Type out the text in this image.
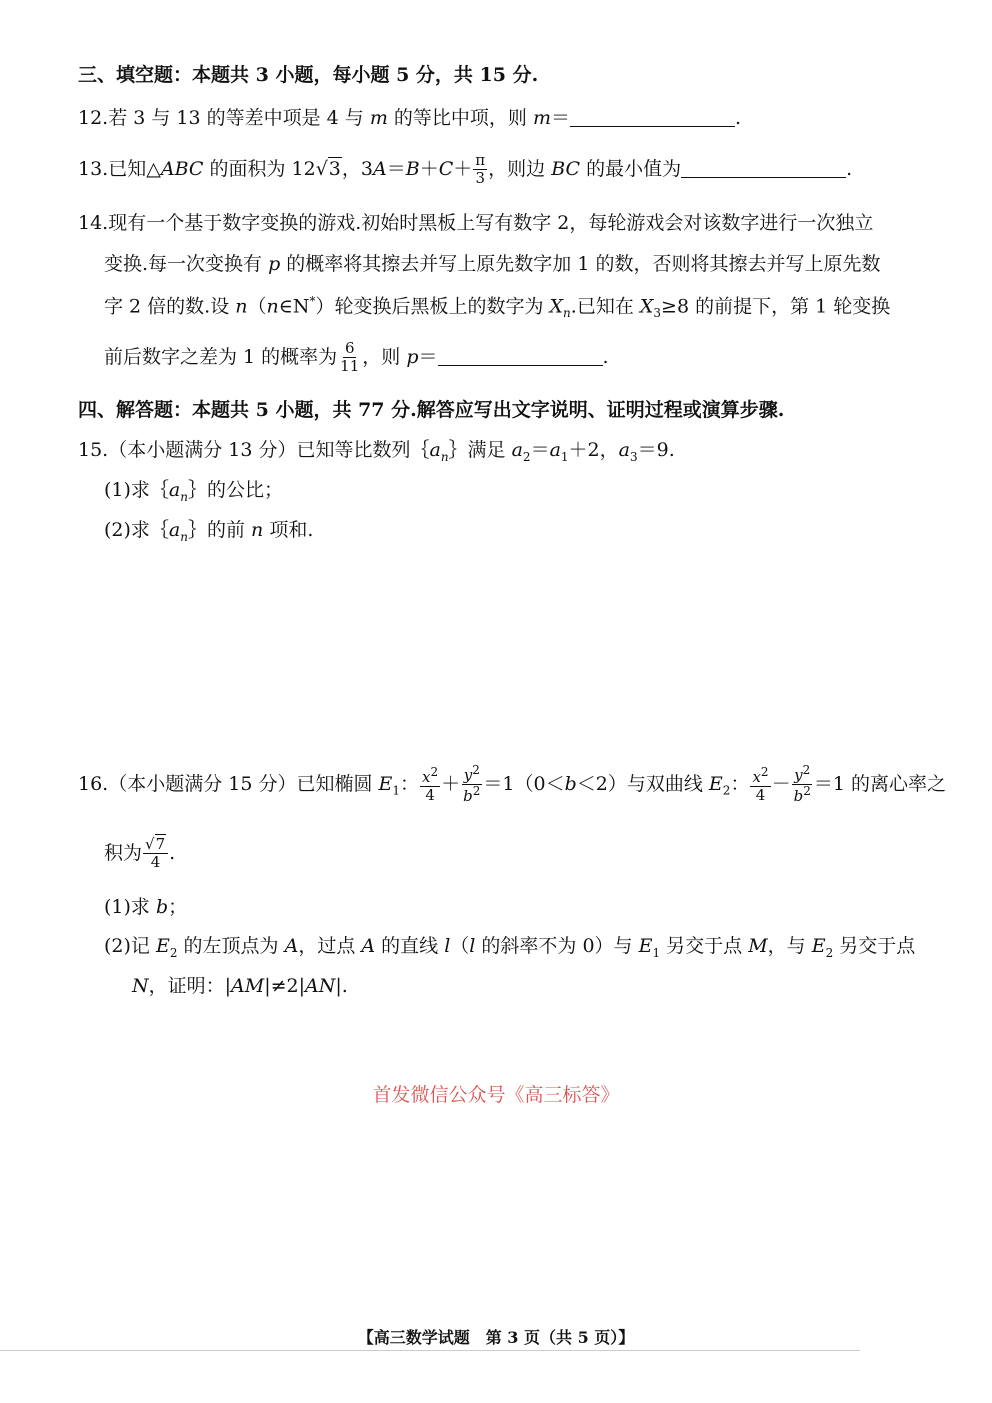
三、填空题：本题共 3 小题，每小题 5 分，共 15 分.
12.若 3 与 13 的等差中项是 4 与 m 的等比中项，则 m＝	.
13.已知△ABC 的面积为 12√3，$3A=B+C+ \frac{\pi}{3}$ ，则边 BC 的最小值为	.
14.现有一个基于数字变换的游戏.初始时黑板上写有数字 2，每轮游戏会对该数字进行一次独立
变换.每一次变换有 p 的概率将其擦去并写上原先数字加 1 的数，否则将其擦去并写上原先数
字 2 倍的数.设 n（n∈N*）轮变换后黑板上的数字为 $X_n$.已知在 $X_3\ge 8$ 的前提下，第 1 轮变换
前后数字之差为 1 的概率为 $\frac{6}{11}$ ，则 p＝	.
四、解答题：本题共 5 小题，共 77 分.解答应写出文字说明、证明过程或演算步骤.
15.（本小题满分 13 分）已知等比数列$\{a_n\}$满足 $a_2=a_1+2$，$a_3=9$.
(1)求$\{a_n\}$的公比；
(2)求$\{a_n\}$的前 n 项和.
16.（本小题满分 15 分）已知椭圆 $E_1$： $\frac{x^2}{4} + \frac{y^2}{b^2} =1(0<b<2)$与双曲线 $E_2$： $\frac{x^2}{4} - \frac{y^2}{b^2} =1$ 的离心率之
积为 $\frac{√7}{4}$ .
(1)求 b；
(2)记 $E_2$ 的左顶点为 A，过点 A 的直线 l（l 的斜率不为 0）与 $E_1$ 另交于点 M，与 $E_2$ 另交于点
N，证明：|AM|≠2|AN|.
首发微信公众号《高三标答》
【高三数学试题　第 3 页（共 5 页）】
